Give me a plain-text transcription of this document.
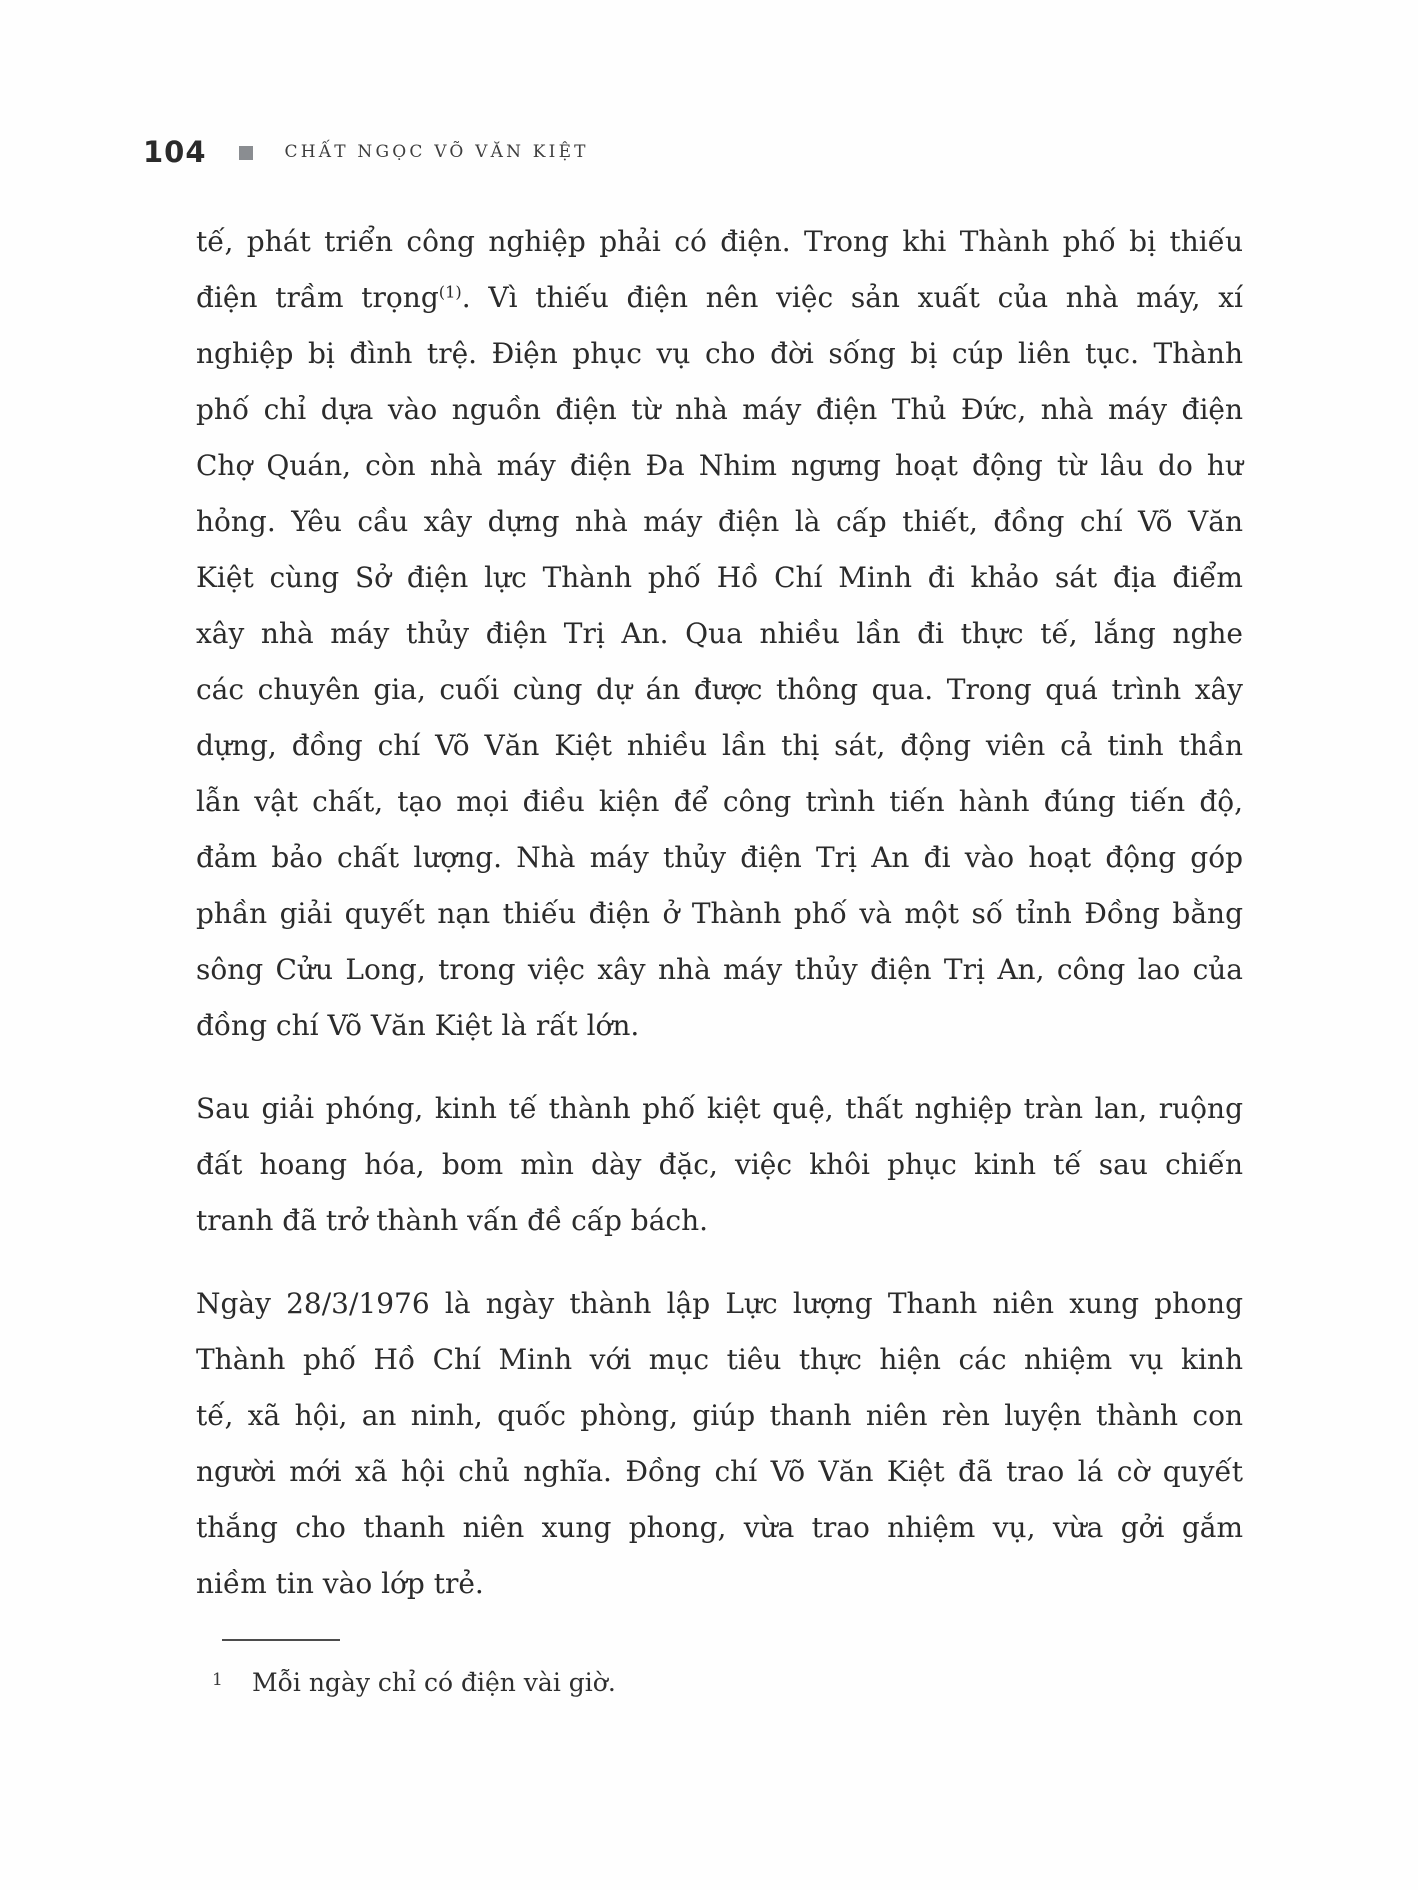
104	CHẤT NGỌC VÕ VĂN KIỆT
tế, phát triển công nghiệp phải có điện. Trong khi Thành phố bị thiếu
điện trầm trọng$^{(1)}$. Vì thiếu điện nên việc sản xuất của nhà máy, xí
nghiệp bị đình trệ. Điện phục vụ cho đời sống bị cúp liên tục. Thành
phố chỉ dựa vào nguồn điện từ nhà máy điện Thủ Đức, nhà máy điện
Chợ Quán, còn nhà máy điện Đa Nhim ngưng hoạt động từ lâu do hư
hỏng. Yêu cầu xây dựng nhà máy điện là cấp thiết, đồng chí Võ Văn
Kiệt cùng Sở điện lực Thành phố Hồ Chí Minh đi khảo sát địa điểm
xây nhà máy thủy điện Trị An. Qua nhiều lần đi thực tế, lắng nghe
các chuyên gia, cuối cùng dự án được thông qua. Trong quá trình xây
dựng, đồng chí Võ Văn Kiệt nhiều lần thị sát, động viên cả tinh thần
lẫn vật chất, tạo mọi điều kiện để công trình tiến hành đúng tiến độ,
đảm bảo chất lượng. Nhà máy thủy điện Trị An đi vào hoạt động góp
phần giải quyết nạn thiếu điện ở Thành phố và một số tỉnh Đồng bằng
sông Cửu Long, trong việc xây nhà máy thủy điện Trị An, công lao của
đồng chí Võ Văn Kiệt là rất lớn.
Sau giải phóng, kinh tế thành phố kiệt quệ, thất nghiệp tràn lan, ruộng
đất hoang hóa, bom mìn dày đặc, việc khôi phục kinh tế sau chiến
tranh đã trở thành vấn đề cấp bách.
Ngày 28/3/1976 là ngày thành lập Lực lượng Thanh niên xung phong
Thành phố Hồ Chí Minh với mục tiêu thực hiện các nhiệm vụ kinh
tế, xã hội, an ninh, quốc phòng, giúp thanh niên rèn luyện thành con
người mới xã hội chủ nghĩa. Đồng chí Võ Văn Kiệt đã trao lá cờ quyết
thắng cho thanh niên xung phong, vừa trao nhiệm vụ, vừa gởi gắm
niềm tin vào lớp trẻ.
1	Mỗi ngày chỉ có điện vài giờ.
